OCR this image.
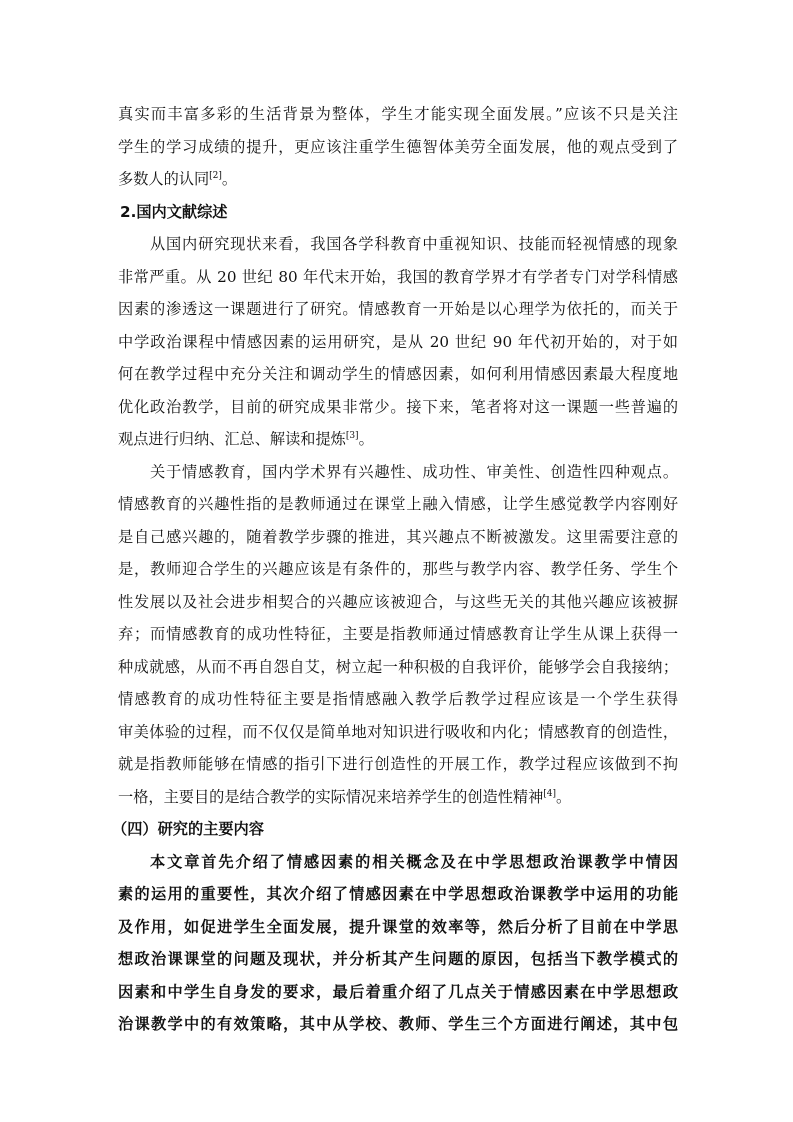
真实而丰富多彩的生活背景为整体，学生才能实现全面发展。”应该不只是关注
学生的学习成绩的提升，更应该注重学生德智体美劳全面发展，他的观点受到了
多数人的认同[2]。
2.国内文献综述
从国内研究现状来看，我国各学科教育中重视知识、技能而轻视情感的现象
非常严重。从 20 世纪 80 年代末开始，我国的教育学界才有学者专门对学科情感
因素的渗透这一课题进行了研究。情感教育一开始是以心理学为依托的，而关于
中学政治课程中情感因素的运用研究，是从 20 世纪 90 年代初开始的，对于如
何在教学过程中充分关注和调动学生的情感因素，如何利用情感因素最大程度地
优化政治教学，目前的研究成果非常少。接下来，笔者将对这一课题一些普遍的
观点进行归纳、汇总、解读和提炼[3]。
关于情感教育，国内学术界有兴趣性、成功性、审美性、创造性四种观点。
情感教育的兴趣性指的是教师通过在课堂上融入情感，让学生感觉教学内容刚好
是自己感兴趣的，随着教学步骤的推进，其兴趣点不断被激发。这里需要注意的
是，教师迎合学生的兴趣应该是有条件的，那些与教学内容、教学任务、学生个
性发展以及社会进步相契合的兴趣应该被迎合，与这些无关的其他兴趣应该被摒
弃；而情感教育的成功性特征，主要是指教师通过情感教育让学生从课上获得一
种成就感，从而不再自怨自艾，树立起一种积极的自我评价，能够学会自我接纳；
情感教育的成功性特征主要是指情感融入教学后教学过程应该是一个学生获得
审美体验的过程，而不仅仅是简单地对知识进行吸收和内化；情感教育的创造性，
就是指教师能够在情感的指引下进行创造性的开展工作，教学过程应该做到不拘
一格，主要目的是结合教学的实际情况来培养学生的创造性精神[4]。
（四）研究的主要内容
本文章首先介绍了情感因素的相关概念及在中学思想政治课教学中情因
素的运用的重要性，其次介绍了情感因素在中学思想政治课教学中运用的功能
及作用，如促进学生全面发展，提升课堂的效率等，然后分析了目前在中学思
想政治课课堂的问题及现状，并分析其产生问题的原因，包括当下教学模式的
因素和中学生自身发的要求，最后着重介绍了几点关于情感因素在中学思想政
治课教学中的有效策略，其中从学校、教师、学生三个方面进行阐述，其中包
